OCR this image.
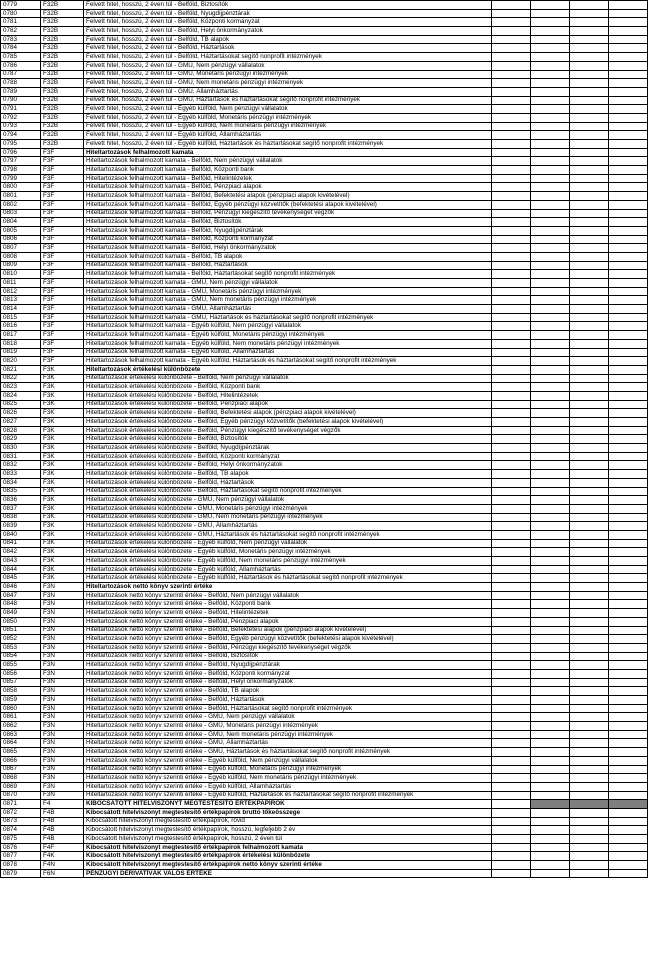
0779	F32B	Felvett hitel, hosszú, 2 éven túl - Belföld, Biztosítók				
0780	F32B	Felvett hitel, hosszú, 2 éven túl - Belföld, Nyugdíjpénztárak				
0781	F32B	Felvett hitel, hosszú, 2 éven túl - Belföld, Központi kormányzat				
0782	F32B	Felvett hitel, hosszú, 2 éven túl - Belföld, Helyi önkormányzatok				
0783	F32B	Felvett hitel, hosszú, 2 éven túl - Belföld, TB alapok				
0784	F32B	Felvett hitel, hosszú, 2 éven túl - Belföld, Háztartások				
0785	F32B	Felvett hitel, hosszú, 2 éven túl - Belföld, Háztartásokat segítő nonprofit intézmények				
0786	F32B	Felvett hitel, hosszú, 2 éven túl - GMU, Nem pénzügyi vállalatok				
0787	F32B	Felvett hitel, hosszú, 2 éven túl - GMU, Monetáris pénzügyi intézmények				
0788	F32B	Felvett hitel, hosszú, 2 éven túl - GMU, Nem monetáris pénzügyi intézmények				
0789	F32B	Felvett hitel, hosszú, 2 éven túl - GMU, Államháztartás				
0790	F32B	Felvett hitel, hosszú, 2 éven túl - GMU, Háztartások és háztartásokat segítő nonprofit intézmények				
0791	F32B	Felvett hitel, hosszú, 2 éven túl - Egyéb külföld, Nem pénzügyi vállalatok				
0792	F32B	Felvett hitel, hosszú, 2 éven túl - Egyéb külföld, Monetáris pénzügyi intézmények				
0793	F32B	Felvett hitel, hosszú, 2 éven túl - Egyéb külföld, Nem monetáris pénzügyi intézmények				
0794	F32B	Felvett hitel, hosszú, 2 éven túl - Egyéb külföld, Államháztartás				
0795	F32B	Felvett hitel, hosszú, 2 éven túl - Egyéb külföld, Háztartások és háztartásokat segítő nonprofit intézmények				
0796	F3F	Hiteltartozások felhalmozott kamata				
0797	F3F	Hiteltartozások felhalmozott kamata - Belföld, Nem pénzügyi vállalatok				
0798	F3F	Hiteltartozások felhalmozott kamata - Belföld, Központi bank				
0799	F3F	Hiteltartozások felhalmozott kamata - Belföld, Hitelintézetek				
0800	F3F	Hiteltartozások felhalmozott kamata - Belföld, Pénzpiaci alapok				
0801	F3F	Hiteltartozások felhalmozott kamata - Belföld, Befektetési alapok (pénzpiaci alapok kivételével)				
0802	F3F	Hiteltartozások felhalmozott kamata - Belföld, Egyéb pénzügyi közvetítők (befektetési alapok kivételével)				
0803	F3F	Hiteltartozások felhalmozott kamata - Belföld, Pénzügyi kiegészítő tevékenységet végzők				
0804	F3F	Hiteltartozások felhalmozott kamata - Belföld, Biztosítók				
0805	F3F	Hiteltartozások felhalmozott kamata - Belföld, Nyugdíjpénztárak				
0806	F3F	Hiteltartozások felhalmozott kamata - Belföld, Központi kormányzat				
0807	F3F	Hiteltartozások felhalmozott kamata - Belföld, Helyi önkormányzatok				
0808	F3F	Hiteltartozások felhalmozott kamata - Belföld, TB alapok				
0809	F3F	Hiteltartozások felhalmozott kamata - Belföld, Háztartások				
0810	F3F	Hiteltartozások felhalmozott kamata - Belföld, Háztartásokat segítő nonprofit intézmények				
0811	F3F	Hiteltartozások felhalmozott kamata - GMU, Nem pénzügyi vállalatok				
0812	F3F	Hiteltartozások felhalmozott kamata - GMU, Monetáris pénzügyi intézmények				
0813	F3F	Hiteltartozások felhalmozott kamata - GMU, Nem monetáris pénzügyi intézmények				
0814	F3F	Hiteltartozások felhalmozott kamata - GMU, Államháztartás				
0815	F3F	Hiteltartozások felhalmozott kamata - GMU, Háztartások és háztartásokat segítő nonprofit intézmények				
0816	F3F	Hiteltartozások felhalmozott kamata - Egyéb külföld, Nem pénzügyi vállalatok				
0817	F3F	Hiteltartozások felhalmozott kamata - Egyéb külföld, Monetáris pénzügyi intézmények				
0818	F3F	Hiteltartozások felhalmozott kamata - Egyéb külföld, Nem monetáris pénzügyi intézmények				
0819	F3F	Hiteltartozások felhalmozott kamata - Egyéb külföld, Államháztartás				
0820	F3F	Hiteltartozások felhalmozott kamata - Egyéb külföld, Háztartások és háztartásokat segítő nonprofit intézmények				
0821	F3K	Hiteltartozások értékelési különbözete				
0822	F3K	Hiteltartozások értékelési különbözete - Belföld, Nem pénzügyi vállalatok				
0823	F3K	Hiteltartozások értékelési különbözete - Belföld, Központi bank				
0824	F3K	Hiteltartozások értékelési különbözete - Belföld, Hitelintézetek				
0825	F3K	Hiteltartozások értékelési különbözete - Belföld, Pénzpiaci alapok				
0826	F3K	Hiteltartozások értékelési különbözete - Belföld, Befektetési alapok (pénzpiaci alapok kivételével)				
0827	F3K	Hiteltartozások értékelési különbözete - Belföld, Egyéb pénzügyi közvetítők (befektetési alapok kivételével)				
0828	F3K	Hiteltartozások értékelési különbözete - Belföld, Pénzügyi kiegészítő tevékenységet végzők				
0829	F3K	Hiteltartozások értékelési különbözete - Belföld, Biztosítók				
0830	F3K	Hiteltartozások értékelési különbözete - Belföld, Nyugdíjpénztárak				
0831	F3K	Hiteltartozások értékelési különbözete - Belföld, Központi kormányzat				
0832	F3K	Hiteltartozások értékelési különbözete - Belföld, Helyi önkormányzatok				
0833	F3K	Hiteltartozások értékelési különbözete - Belföld, TB alapok				
0834	F3K	Hiteltartozások értékelési különbözete - Belföld, Háztartások				
0835	F3K	Hiteltartozások értékelési különbözete - Belföld, Háztartásokat segítő nonprofit intézmények				
0836	F3K	Hiteltartozások értékelési különbözete - GMU, Nem pénzügyi vállalatok				
0837	F3K	Hiteltartozások értékelési különbözete - GMU, Monetáris pénzügyi intézmények				
0838	F3K	Hiteltartozások értékelési különbözete - GMU, Nem monetáris pénzügyi intézmények				
0839	F3K	Hiteltartozások értékelési különbözete - GMU, Államháztartás				
0840	F3K	Hiteltartozások értékelési különbözete - GMU, Háztartások és háztartásokat segítő nonprofit intézmények				
0841	F3K	Hiteltartozások értékelési különbözete - Egyéb külföld, Nem pénzügyi vállalatok				
0842	F3K	Hiteltartozások értékelési különbözete - Egyéb külföld, Monetáris pénzügyi intézmények				
0843	F3K	Hiteltartozások értékelési különbözete - Egyéb külföld, Nem monetáris pénzügyi intézmények				
0844	F3K	Hiteltartozások értékelési különbözete - Egyéb külföld, Államháztartás				
0845	F3K	Hiteltartozások értékelési különbözete - Egyéb külföld, Háztartások és háztartásokat segítő nonprofit intézmények				
0846	F3N	Hiteltartozások nettó könyv szerinti értéke				
0847	F3N	Hiteltartozások nettó könyv szerinti értéke - Belföld, Nem pénzügyi vállalatok				
0848	F3N	Hiteltartozások nettó könyv szerinti értéke - Belföld, Központi bank				
0849	F3N	Hiteltartozások nettó könyv szerinti értéke - Belföld, Hitelintézetek				
0850	F3N	Hiteltartozások nettó könyv szerinti értéke - Belföld, Pénzpiaci alapok				
0851	F3N	Hiteltartozások nettó könyv szerinti értéke - Belföld, Befektetési alapok (pénzpiaci alapok kivételével)				
0852	F3N	Hiteltartozások nettó könyv szerinti értéke - Belföld, Egyéb pénzügyi közvetítők (befektetési alapok kivételével)				
0853	F3N	Hiteltartozások nettó könyv szerinti értéke - Belföld, Pénzügyi kiegészítő tevékenységet végzők				
0854	F3N	Hiteltartozások nettó könyv szerinti értéke - Belföld, Biztosítók				
0855	F3N	Hiteltartozások nettó könyv szerinti értéke - Belföld, Nyugdíjpénztárak				
0856	F3N	Hiteltartozások nettó könyv szerinti értéke - Belföld, Központi kormányzat				
0857	F3N	Hiteltartozások nettó könyv szerinti értéke - Belföld, Helyi önkormányzatok				
0858	F3N	Hiteltartozások nettó könyv szerinti értéke - Belföld, TB alapok				
0859	F3N	Hiteltartozások nettó könyv szerinti értéke - Belföld, Háztartások				
0860	F3N	Hiteltartozások nettó könyv szerinti értéke - Belföld, Háztartásokat segítő nonprofit intézmények				
0861	F3N	Hiteltartozások nettó könyv szerinti értéke - GMU, Nem pénzügyi vállalatok				
0862	F3N	Hiteltartozások nettó könyv szerinti értéke - GMU, Monetáris pénzügyi intézmények				
0863	F3N	Hiteltartozások nettó könyv szerinti értéke - GMU, Nem monetáris pénzügyi intézmények				
0864	F3N	Hiteltartozások nettó könyv szerinti értéke - GMU, Államháztartás				
0865	F3N	Hiteltartozások nettó könyv szerinti értéke - GMU, Háztartások és háztartásokat segítő nonprofit intézmények				
0866	F3N	Hiteltartozások nettó könyv szerinti értéke - Egyéb külföld, Nem pénzügyi vállalatok				
0867	F3N	Hiteltartozások nettó könyv szerinti értéke - Egyéb külföld, Monetáris pénzügyi intézmények				
0868	F3N	Hiteltartozások nettó könyv szerinti értéke - Egyéb külföld, Nem monetáris pénzügyi intézmények				
0869	F3N	Hiteltartozások nettó könyv szerinti értéke - Egyéb külföld, Államháztartás				
0870	F3N	Hiteltartozások nettó könyv szerinti értéke - Egyéb külföld, Háztartások és háztartásokat segítő nonprofit intézmények				
0871	F4	KIBOCSÁTOTT HITELVISZONYT MEGTESTESÍTŐ ÉRTÉKPAPÍROK				
0872	F4B	Kibocsátott hitelviszonyt megtestesítő értékpapírok bruttó tőkeösszege				
0873	F4B	Kibocsátott hitelviszonyt megtestesítő értékpapírok, rövid				
0874	F4B	Kibocsátott hitelviszonyt megtestesítő értékpapírok, hosszú, legfeljebb 2 év				
0875	F4B	Kibocsátott hitelviszonyt megtestesítő értékpapírok, hosszú, 2 éven túl				
0876	F4F	Kibocsátott hitelviszonyt megtestesítő értékpapírok felhalmozott kamata				
0877	F4K	Kibocsátott hitelviszonyt megtestesítő értékpapírok értékelési különbözete				
0878	F4N	Kibocsátott hitelviszonyt megtestesítő értékpapírok nettó könyv szerinti értéke				
0879	F6N	PÉNZÜGYI DERIVATÍVÁK VALÓS ÉRTÉKE				
